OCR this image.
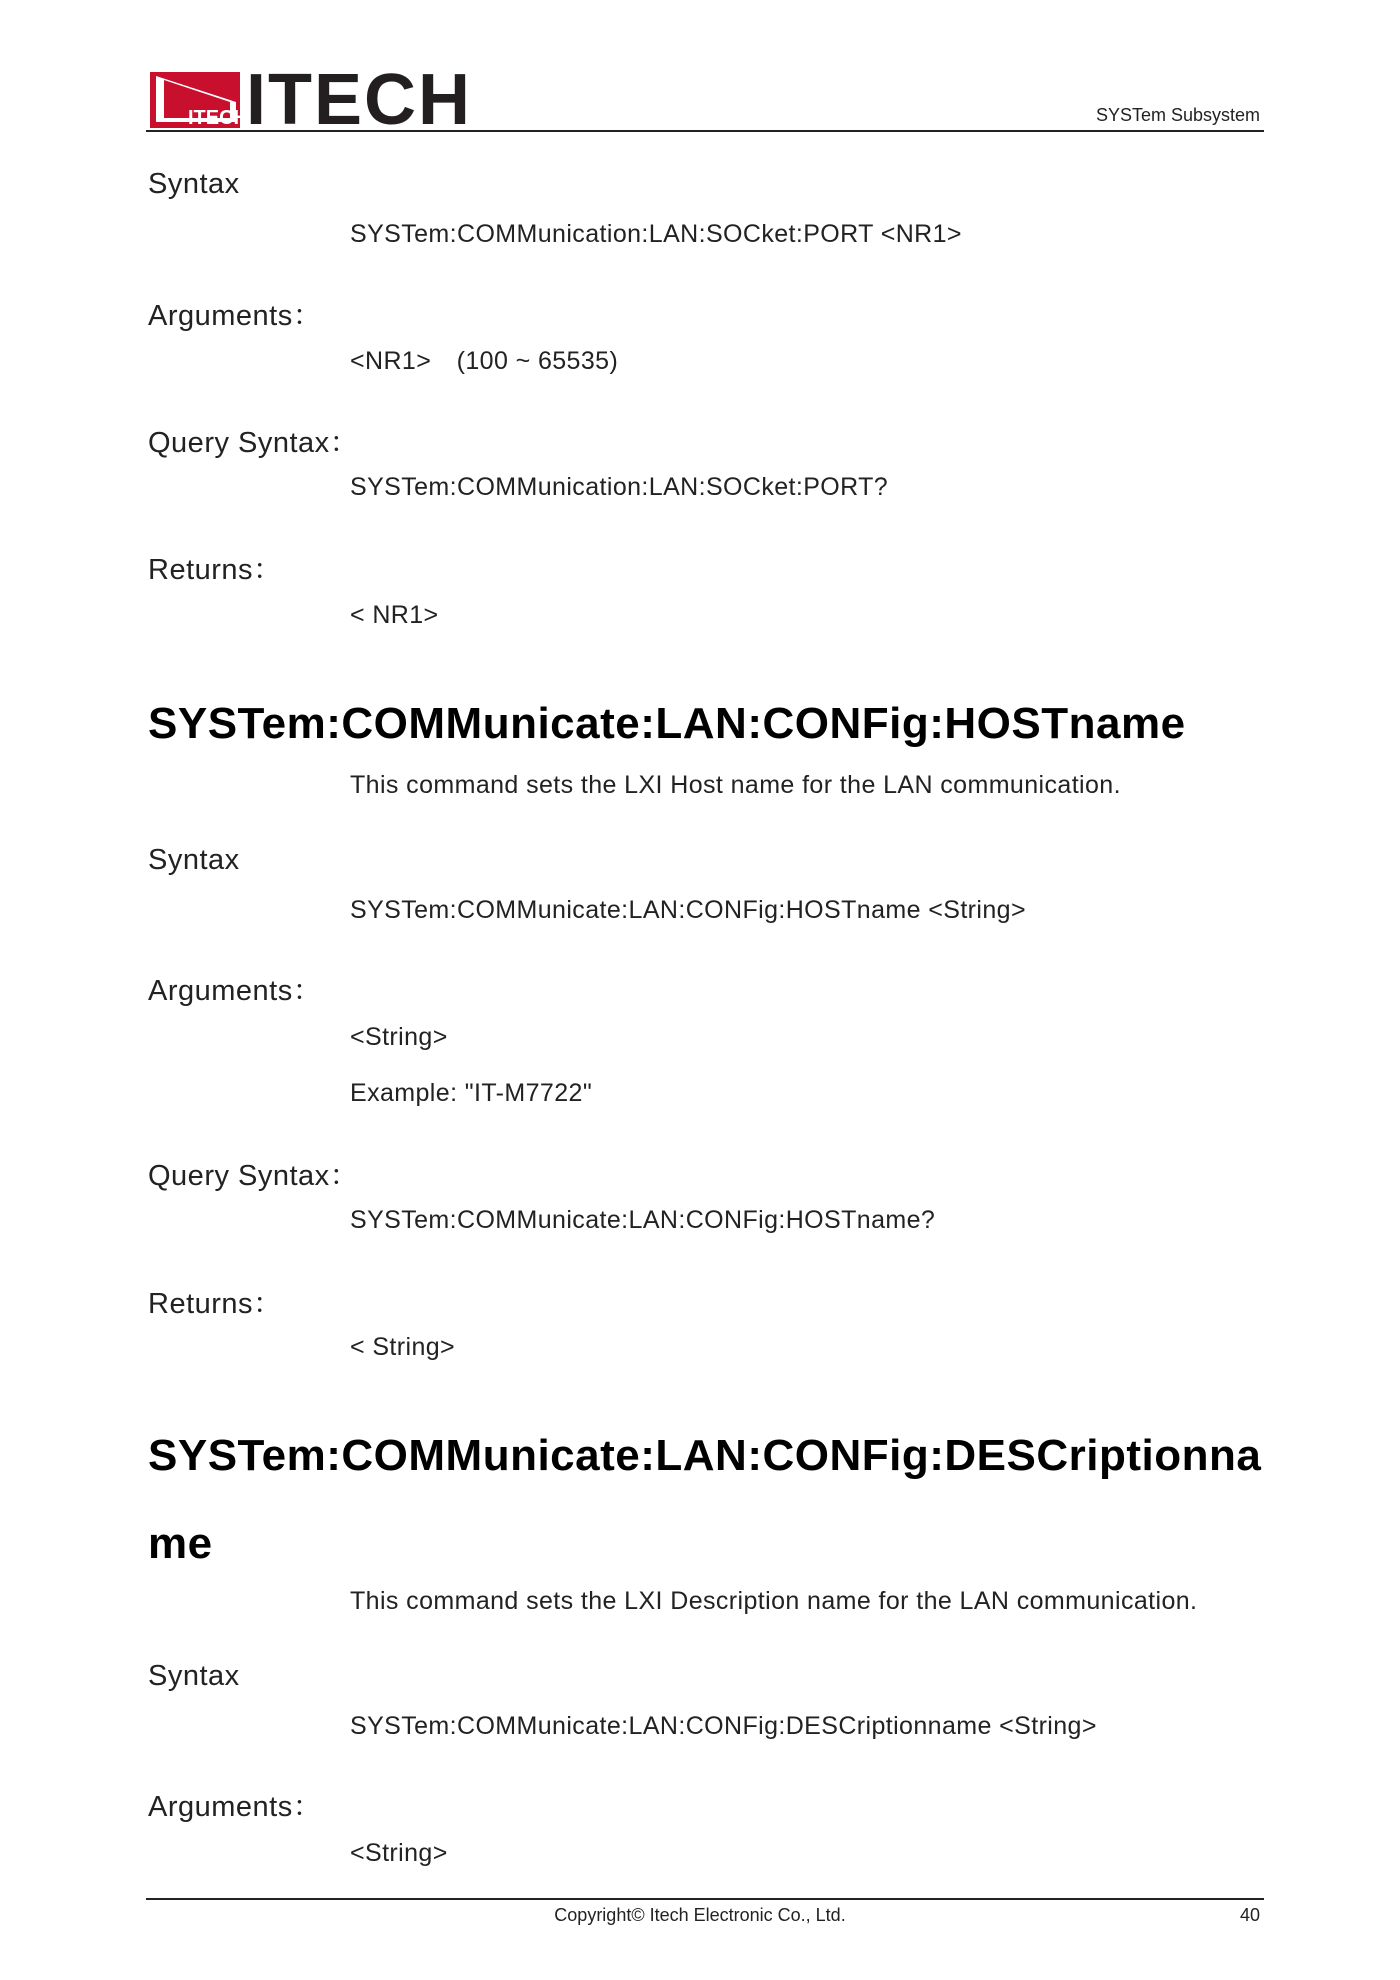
ITECH
ITECH	SYSTem Subsystem
Syntax
SYSTem:COMMunication:LAN:SOCket:PORT <NR1>
Arguments：
<NR1> (100 ~ 65535)
Query Syntax：
SYSTem:COMMunication:LAN:SOCket:PORT?
Returns：
< NR1>
SYSTem:COMMunicate:LAN:CONFig:HOSTname
This command sets the LXI Host name for the LAN communication.
Syntax
SYSTem:COMMunicate:LAN:CONFig:HOSTname <String>
Arguments：
<String>
Example: "IT-M7722"
Query Syntax：
SYSTem:COMMunicate:LAN:CONFig:HOSTname?
Returns：
< String>
SYSTem:COMMunicate:LAN:CONFig:DESCriptionname
This command sets the LXI Description name for the LAN communication.
Syntax
SYSTem:COMMunicate:LAN:CONFig:DESCriptionname <String>
Arguments：
<String>
Copyright© Itech Electronic Co., Ltd.	40
